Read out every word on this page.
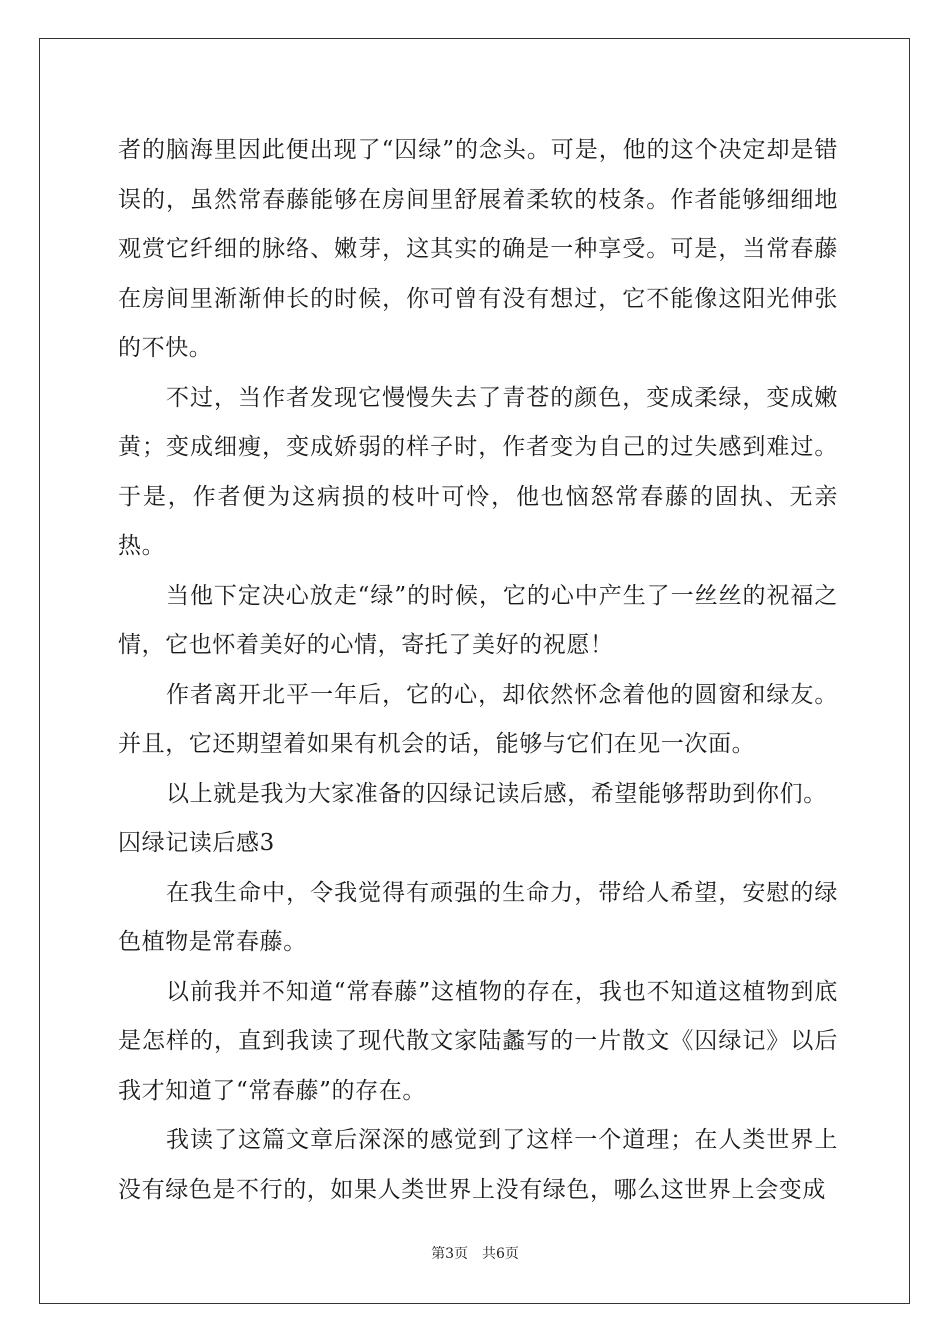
者的脑海里因此便出现了“囚绿”的念头。可是，他的这个决定却是错误的，虽然常春藤能够在房间里舒展着柔软的枝条。作者能够细细地观赏它纤细的脉络、嫩芽，这其实的确是一种享受。可是，当常春藤在房间里渐渐伸长的时候，你可曾有没有想过，它不能像这阳光伸张的不快。

不过，当作者发现它慢慢失去了青苍的颜色，变成柔绿，变成嫩黄；变成细瘦，变成娇弱的样子时，作者变为自己的过失感到难过。于是，作者便为这病损的枝叶可怜，他也恼怒常春藤的固执、无亲热。

当他下定决心放走“绿”的时候，它的心中产生了一丝丝的祝福之情，它也怀着美好的心情，寄托了美好的祝愿！

作者离开北平一年后，它的心，却依然怀念着他的圆窗和绿友。并且，它还期望着如果有机会的话，能够与它们在见一次面。

以上就是我为大家准备的囚绿记读后感，希望能够帮助到你们。

囚绿记读后感3

在我生命中，令我觉得有顽强的生命力，带给人希望，安慰的绿色植物是常春藤。

以前我并不知道“常春藤”这植物的存在，我也不知道这植物到底是怎样的，直到我读了现代散文家陆蠡写的一片散文《囚绿记》以后我才知道了“常春藤”的存在。

我读了这篇文章后深深的感觉到了这样一个道理；在人类世界上没有绿色是不行的，如果人类世界上没有绿色，哪么这世界上会变成

第3页 共6页
